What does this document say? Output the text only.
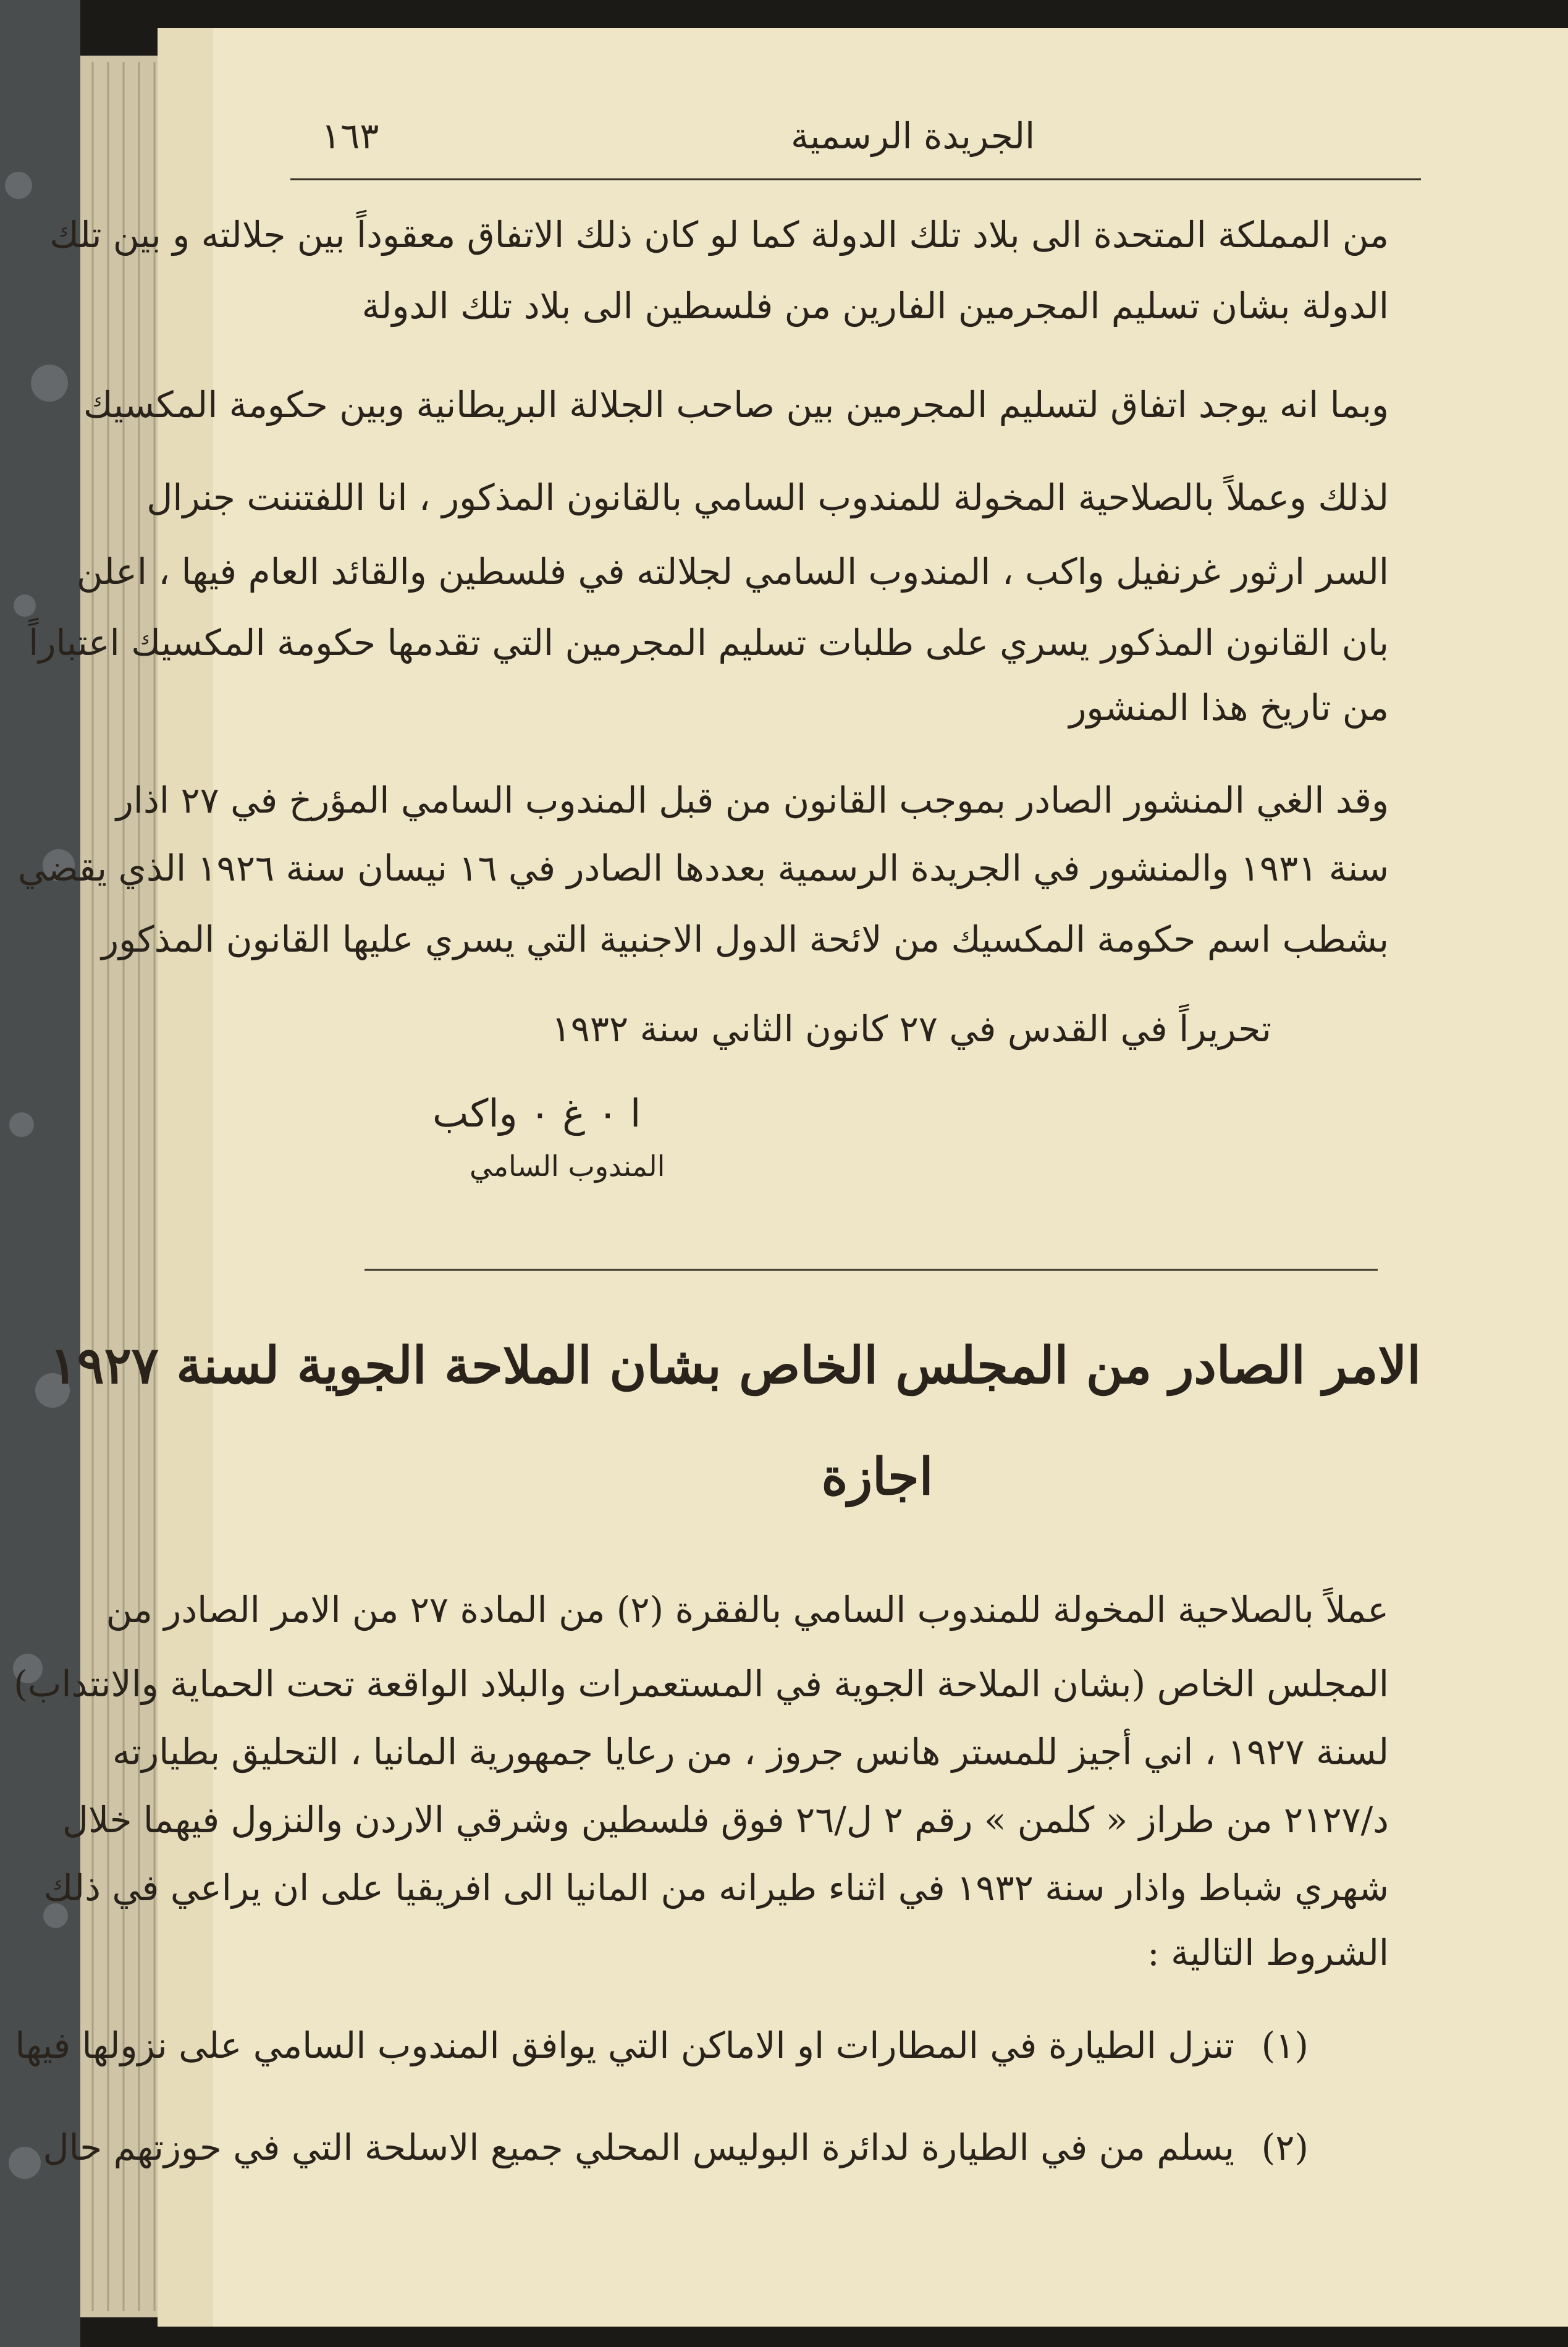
١٦٣	الجريدة الرسمية
من المملكة المتحدة الى بلاد تلك الدولة كما لو كان ذلك الاتفاق معقوداً بين جلالته و بين تلك
الدولة بشان تسليم المجرمين الفارين من فلسطين الى بلاد تلك الدولة
وبما انه يوجد اتفاق لتسليم المجرمين بين صاحب الجلالة البريطانية وبين حكومة المكسيك
لذلك وعملاً بالصلاحية المخولة للمندوب السامي بالقانون المذكور ، انا اللفتننت جنرال
السر ارثور غرنفيل واكب ، المندوب السامي لجلالته في فلسطين والقائد العام فيها ، اعلن
بان القانون المذكور يسري على طلبات تسليم المجرمين التي تقدمها حكومة المكسيك اعتباراً
من تاريخ هذا المنشور
وقد الغي المنشور الصادر بموجب القانون من قبل المندوب السامي المؤرخ في ٢٧ اذار
سنة ١٩٣١ والمنشور في الجريدة الرسمية بعددها الصادر في ١٦ نيسان سنة ١٩٢٦ الذي يقضي
بشطب اسم حكومة المكسيك من لائحة الدول الاجنبية التي يسري عليها القانون المذكور
تحريراً في القدس في ٢٧ كانون الثاني سنة ١٩٣٢
ا ٠ غ ٠ واكب
المندوب السامي
الامر الصادر من المجلس الخاص بشان الملاحة الجوية لسنة ١٩٢٧
اجازة
عملاً بالصلاحية المخولة للمندوب السامي بالفقرة (٢) من المادة ٢٧ من الامر الصادر من
المجلس الخاص (بشان الملاحة الجوية في المستعمرات والبلاد الواقعة تحت الحماية والانتداب)
لسنة ١٩٢٧ ، اني أجيز للمستر هانس جروز ، من رعايا جمهورية المانيا ، التحليق بطيارته
د/٢١٢٧ من طراز « كلمن » رقم ٢ ل/٢٦ فوق فلسطين وشرقي الاردن والنزول فيهما خلال
شهري شباط واذار سنة ١٩٣٢ في اثناء طيرانه من المانيا الى افريقيا على ان يراعي في ذلك
الشروط التالية :
(١)
تنزل الطيارة في المطارات او الاماكن التي يوافق المندوب السامي على نزولها فيها
(٢)
يسلم من في الطيارة لدائرة البوليس المحلي جميع الاسلحة التي في حوزتهم حال
